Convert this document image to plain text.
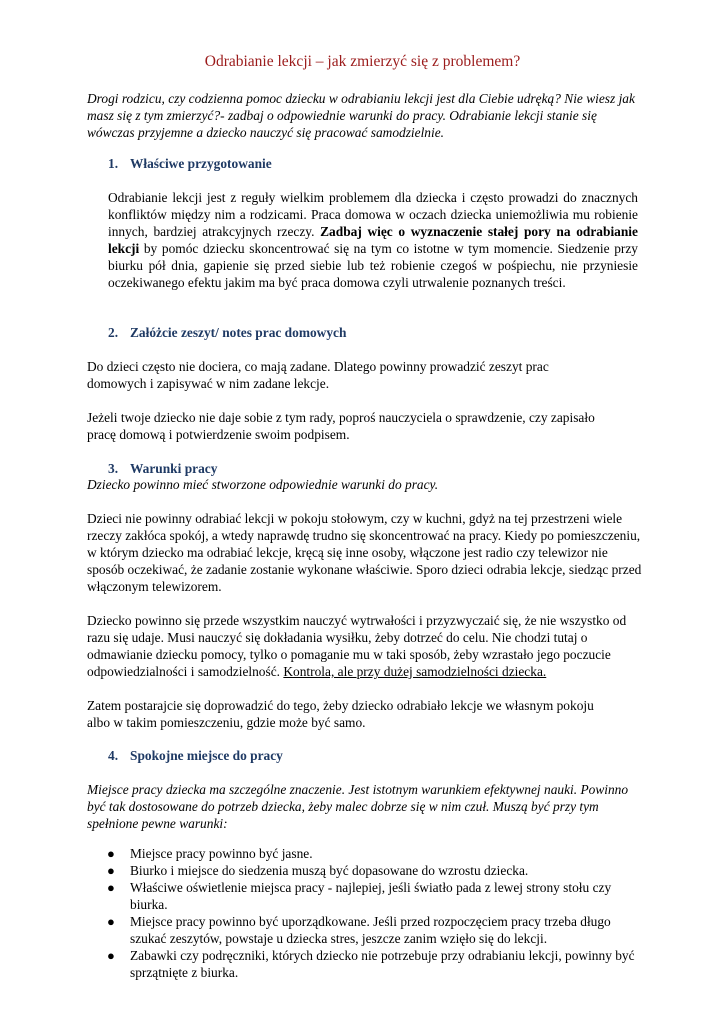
Odrabianie lekcji – jak zmierzyć się z problemem?

Drogi rodzicu, czy codzienna pomoc dziecku w odrabianiu lekcji jest dla Ciebie udręką? Nie wiesz jak masz się z tym zmierzyć?- zadbaj o odpowiednie warunki do pracy. Odrabianie lekcji stanie się wówczas przyjemne a dziecko nauczyć się pracować samodzielnie.

1. Właściwe przygotowanie

Odrabianie lekcji jest z reguły wielkim problemem dla dziecka i często prowadzi do znacznych konfliktów między nim a rodzicami. Praca domowa w oczach dziecka uniemożliwia mu robienie innych, bardziej atrakcyjnych rzeczy. Zadbaj więc o wyznaczenie stałej pory na odrabianie lekcji by pomóc dziecku skoncentrować się na tym co istotne w tym momencie. Siedzenie przy biurku pół dnia, gapienie się przed siebie lub też robienie czegoś w pośpiechu, nie przyniesie oczekiwanego efektu jakim ma być praca domowa czyli utrwalenie poznanych treści.

2. Załóżcie zeszyt/ notes prac domowych

Do dzieci często nie dociera, co mają zadane. Dlatego powinny prowadzić zeszyt prac domowych i zapisywać w nim zadane lekcje.

Jeżeli twoje dziecko nie daje sobie z tym rady, poproś nauczyciela o sprawdzenie, czy zapisało pracę domową i potwierdzenie swoim podpisem.

3. Warunki pracy

Dziecko powinno mieć stworzone odpowiednie warunki do pracy.

Dzieci nie powinny odrabiać lekcji w pokoju stołowym, czy w kuchni, gdyż na tej przestrzeni wiele rzeczy zakłóca spokój, a wtedy naprawdę trudno się skoncentrować na pracy. Kiedy po pomieszczeniu, w którym dziecko ma odrabiać lekcje, kręcą się inne osoby, włączone jest radio czy telewizor nie sposób oczekiwać, że zadanie zostanie wykonane właściwie. Sporo dzieci odrabia lekcje, siedząc przed włączonym telewizorem.

Dziecko powinno się przede wszystkim nauczyć wytrwałości i przyzwyczaić się, że nie wszystko od razu się udaje. Musi nauczyć się dokładania wysiłku, żeby dotrzeć do celu. Nie chodzi tutaj o odmawianie dziecku pomocy, tylko o pomaganie mu w taki sposób, żeby wzrastało jego poczucie odpowiedzialności i samodzielność. Kontrola, ale przy dużej samodzielności dziecka.

Zatem postarajcie się doprowadzić do tego, żeby dziecko odrabiało lekcje we własnym pokoju albo w takim pomieszczeniu, gdzie może być samo.

4. Spokojne miejsce do pracy

Miejsce pracy dziecka ma szczególne znaczenie. Jest istotnym warunkiem efektywnej nauki. Powinno być tak dostosowane do potrzeb dziecka, żeby malec dobrze się w nim czuł. Muszą być przy tym spełnione pewne warunki:

● Miejsce pracy powinno być jasne.
● Biurko i miejsce do siedzenia muszą być dopasowane do wzrostu dziecka.
● Właściwe oświetlenie miejsca pracy - najlepiej, jeśli światło pada z lewej strony stołu czy biurka.
● Miejsce pracy powinno być uporządkowane. Jeśli przed rozpoczęciem pracy trzeba długo szukać zeszytów, powstaje u dziecka stres, jeszcze zanim wzięło się do lekcji.
● Zabawki czy podręczniki, których dziecko nie potrzebuje przy odrabianiu lekcji, powinny być sprzątnięte z biurka.
